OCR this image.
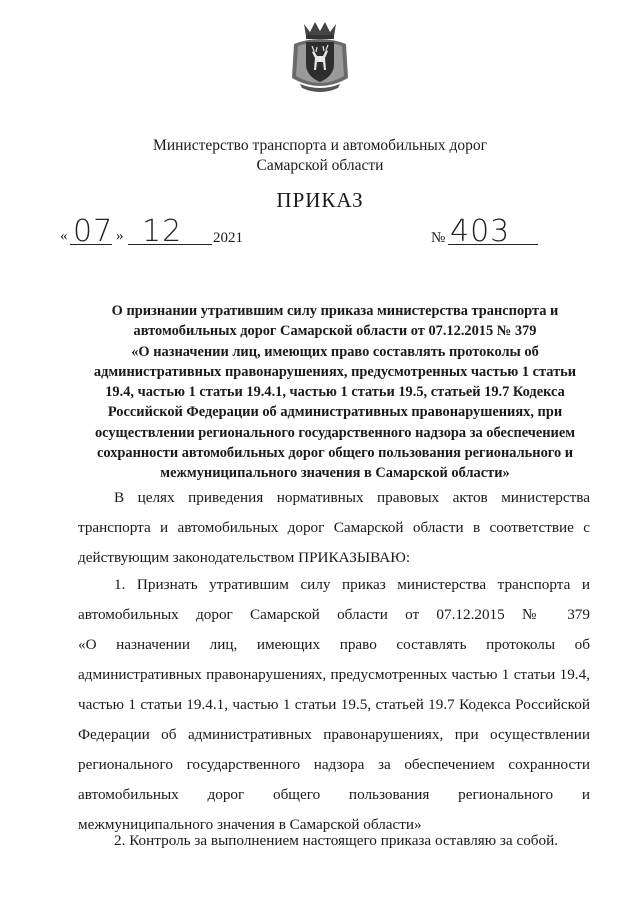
Министерство транспорта и автомобильных дорог
Самарской области
ПРИКАЗ
« 07 » 12 2021	№ 403
О признании утратившим силу приказа министерства транспорта и
автомобильных дорог Самарской области от 07.12.2015 № 379
«О назначении лиц, имеющих право составлять протоколы об
административных правонарушениях, предусмотренных частью 1 статьи
19.4, частью 1 статьи 19.4.1, частью 1 статьи 19.5, статьей 19.7 Кодекса
Российской Федерации об административных правонарушениях, при
осуществлении регионального государственного надзора за обеспечением
сохранности автомобильных дорог общего пользования регионального и
межмуниципального значения в Самарской области»
В целях приведения нормативных правовых актов министерства
транспорта и автомобильных дорог Самарской области в соответствие с
действующим законодательством ПРИКАЗЫВАЮ:
1. Признать утратившим силу приказ министерства транспорта и
автомобильных дорог Самарской области от 07.12.2015 № 379
«О назначении лиц, имеющих право составлять протоколы об
административных правонарушениях, предусмотренных частью 1 статьи 19.4,
частью 1 статьи 19.4.1, частью 1 статьи 19.5, статьей 19.7 Кодекса Российской
Федерации об административных правонарушениях, при осуществлении
регионального государственного надзора за обеспечением сохранности
автомобильных дорог общего пользования регионального и
межмуниципального значения в Самарской области»
2. Контроль за выполнением настоящего приказа оставляю за собой.
